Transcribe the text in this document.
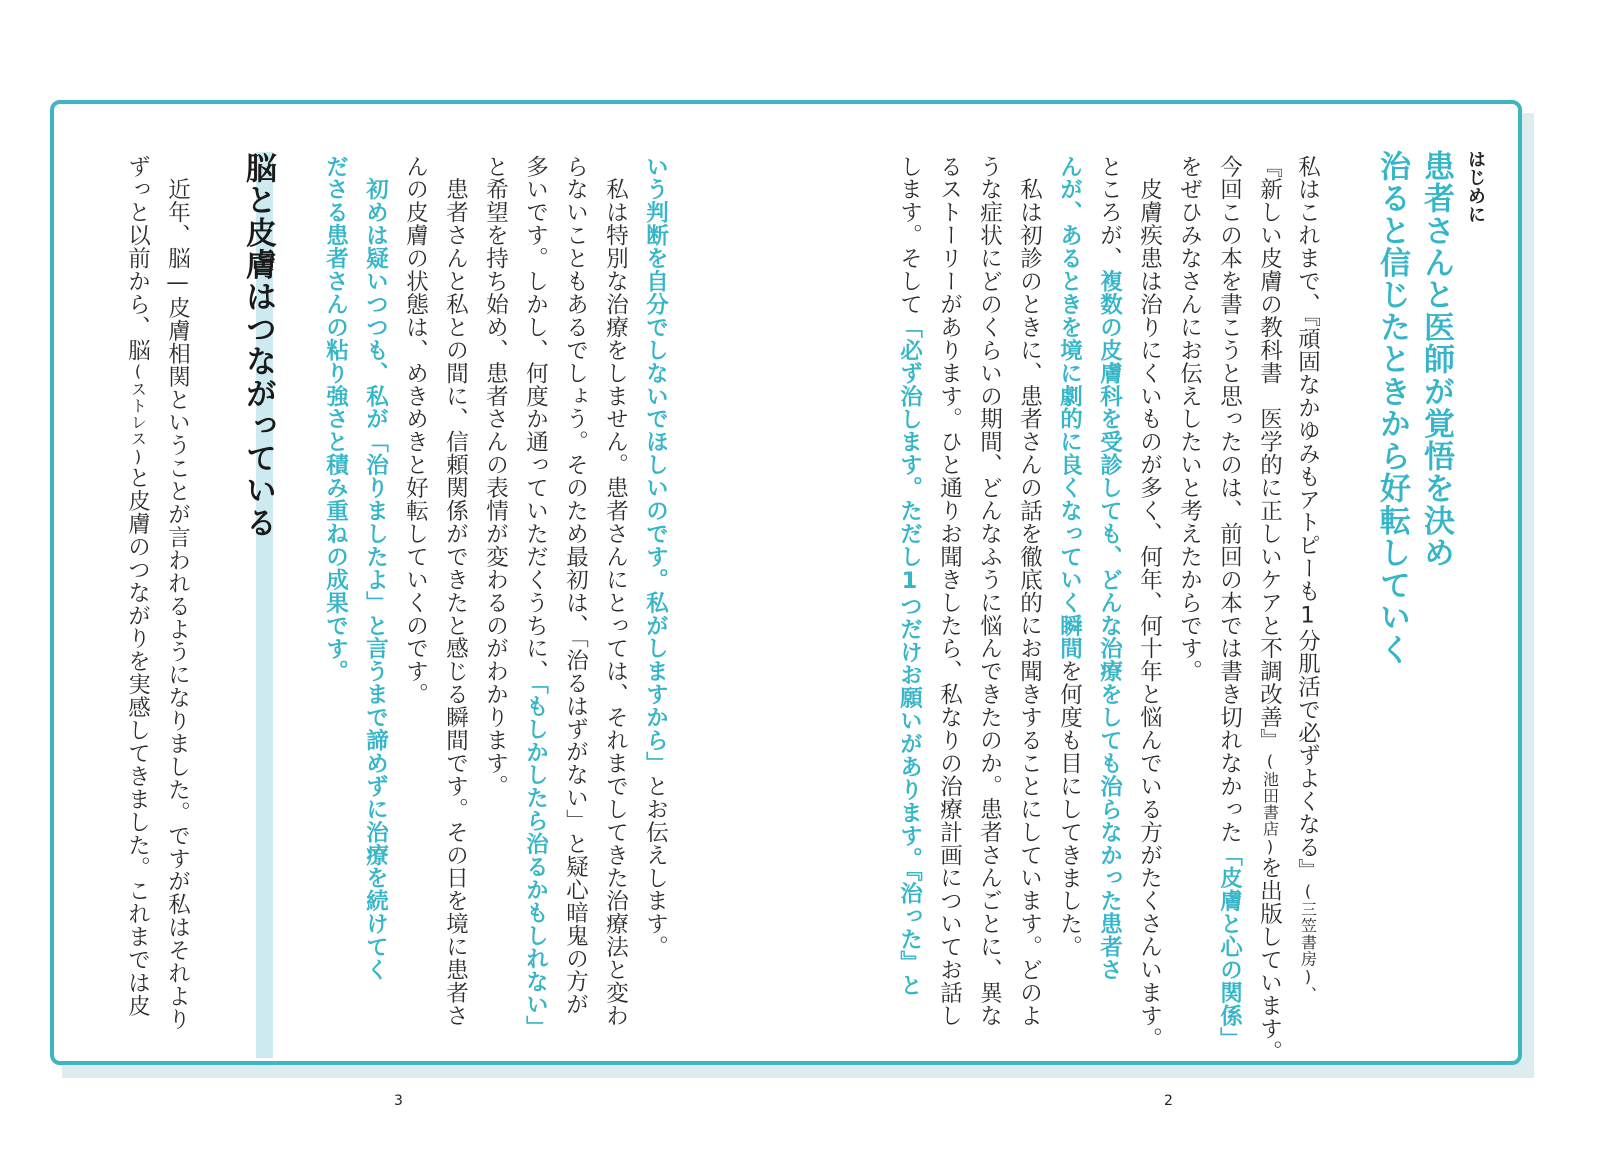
はじめに
患者さんと医師が覚悟を決め
治ると信じたときから好転していく
私はこれまで、『頑固なかゆみもアトピーも1分肌活で必ずよくなる』(三笠書房)、
『新しい皮膚の教科書　医学的に正しいケアと不調改善』(池田書店)を出版しています。
今回この本を書こうと思ったのは、前回の本では書き切れなかった「皮膚と心の関係」
をぜひみなさんにお伝えしたいと考えたからです。
　皮膚疾患は治りにくいものが多く、何年、何十年と悩んでいる方がたくさんいます。
ところが、複数の皮膚科を受診しても、どんな治療をしても治らなかった患者さ
んが、あるときを境に劇的に良くなっていく瞬間を何度も目にしてきました。
　私は初診のときに、患者さんの話を徹底的にお聞きすることにしています。どのよ
うな症状にどのくらいの期間、どんなふうに悩んできたのか。患者さんごとに、異な
るストーリーがあります。ひと通りお聞きしたら、私なりの治療計画についてお話し
します。そして「必ず治します。ただし1つだけお願いがあります。『治った』と
いう判断を自分でしないでほしいのです。私がしますから」とお伝えします。
　私は特別な治療をしません。患者さんにとっては、それまでしてきた治療法と変わ
らないこともあるでしょう。そのため最初は、「治るはずがない」と疑心暗鬼の方が
多いです。しかし、何度か通っていただくうちに、「もしかしたら治るかもしれない」
と希望を持ち始め、患者さんの表情が変わるのがわかります。
　患者さんと私との間に、信頼関係ができたと感じる瞬間です。その日を境に患者さ
んの皮膚の状態は、めきめきと好転していくのです。
　初めは疑いつつも、私が「治りましたよ」と言うまで諦めずに治療を続けてく
ださる患者さんの粘り強さと積み重ねの成果です。
脳と皮膚はつながっている
　近年、脳—皮膚相関ということが言われるようになりました。ですが私はそれより
ずっと以前から、脳(ストレス)と皮膚のつながりを実感してきました。これまでは皮
3	2
